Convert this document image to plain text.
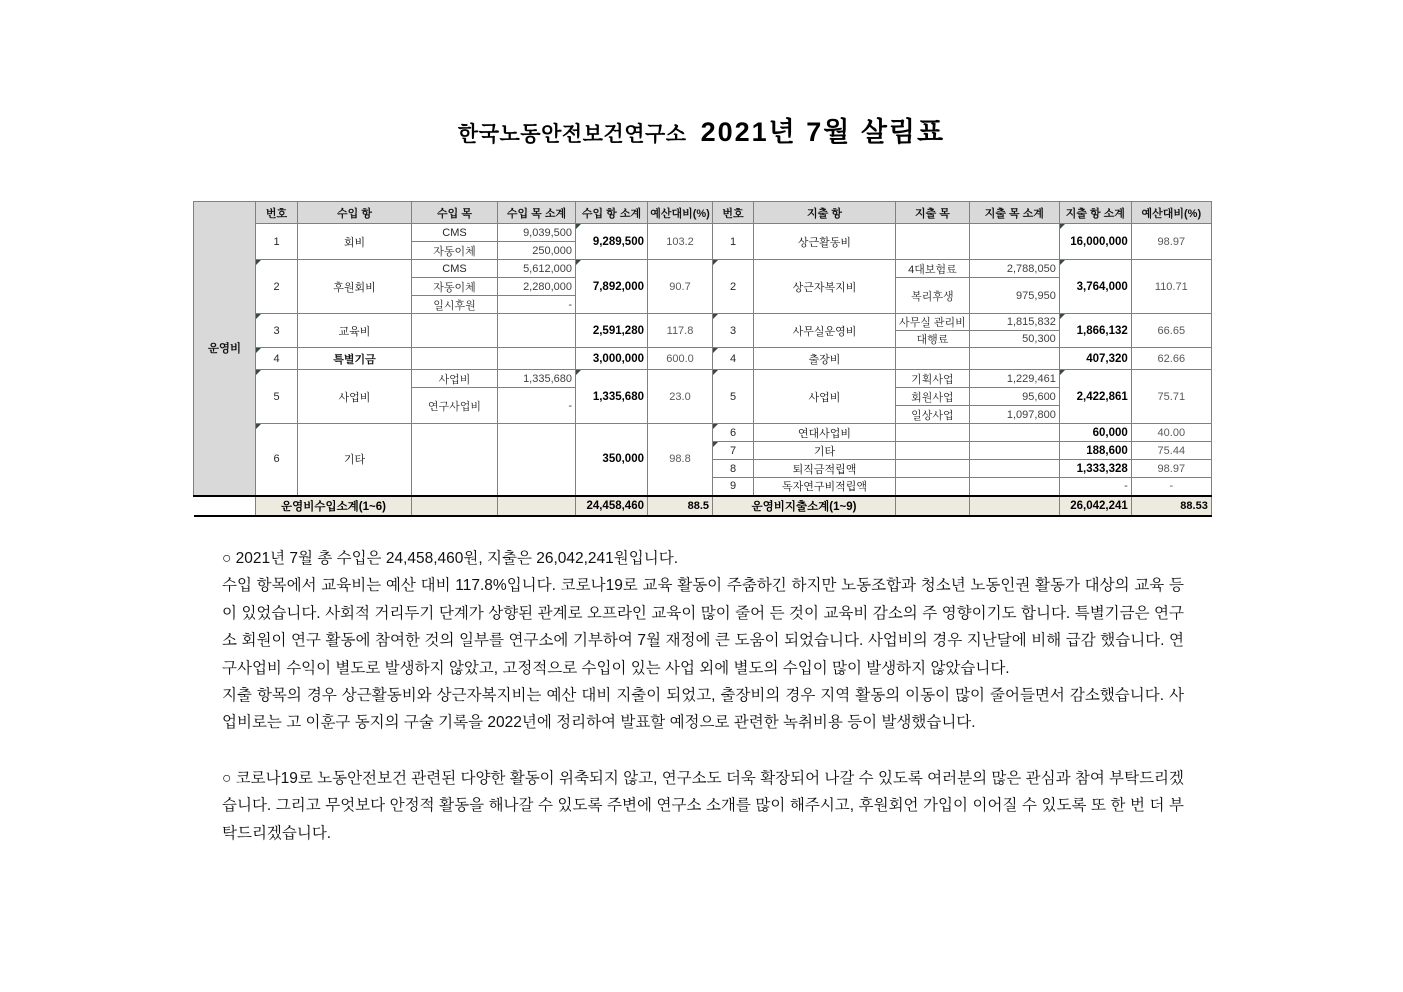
한국노동안전보건연구소 2021년 7월 살림표
운영비	번호	수입 항	수입 목	수입 목 소계	수입 항 소계	예산대비(%)	번호	지출 항	지출 목	지출 목 소계	지출 항 소계	예산대비(%)
	1	회비	CMS	9,039,500	9,289,500	103.2	1	상근활동비			16,000,000	98.97
			자동이체	250,000								
	2	후원회비	CMS	5,612,000	7,892,000	90.7	2	상근자복지비	4대보험료	2,788,050	3,764,000	110.71
			자동이체	2,280,000					복리후생	975,950		
			일시후원	-								
	3	교육비			2,591,280	117.8	3	사무실운영비	사무실 관리비	1,815,832	1,866,132	66.65
									대행료	50,300		
	4	특별기금			3,000,000	600.0	4	출장비			407,320	62.66
	5	사업비	사업비	1,335,680	1,335,680	23.0	5	사업비	기획사업	1,229,461	2,422,861	75.71
			연구사업비	-					회원사업	95,600		
									일상사업	1,097,800		
	6	기타			350,000	98.8	6	연대사업비			60,000	40.00
							7	기타			188,600	75.44
							8	퇴직금적립액			1,333,328	98.97
							9	독자연구비적립액			-	-
	운영비수입소계(1~6)				24,458,460	88.5	운영비지출소계(1~9)				26,042,241	88.53

○ 2021년 7월 총 수입은 24,458,460원, 지출은 26,042,241원입니다.

수입 항목에서 교육비는 예산 대비 117.8%입니다. 코로나19로 교육 활동이 주춤하긴 하지만 노동조합과 청소년 노동인권 활동가 대상의 교육 등이 있었습니다. 사회적 거리두기 단계가 상향된 관계로 오프라인 교육이 많이 줄어 든 것이 교육비 감소의 주 영향이기도 합니다. 특별기금은 연구소 회원이 연구 활동에 참여한 것의 일부를 연구소에 기부하여 7월 재정에 큰 도움이 되었습니다. 사업비의 경우 지난달에 비해 급감 했습니다. 연구사업비 수익이 별도로 발생하지 않았고, 고정적으로 수입이 있는 사업 외에 별도의 수입이 많이 발생하지 않았습니다.

지출 항목의 경우 상근활동비와 상근자복지비는 예산 대비 지출이 되었고, 출장비의 경우 지역 활동의 이동이 많이 줄어들면서 감소했습니다. 사업비로는 고 이훈구 동지의 구술 기록을 2022년에 정리하여 발표할 예정으로 관련한 녹취비용 등이 발생했습니다.

○ 코로나19로 노동안전보건 관련된 다양한 활동이 위축되지 않고, 연구소도 더욱 확장되어 나갈 수 있도록 여러분의 많은 관심과 참여 부탁드리겠습니다. 그리고 무엇보다 안정적 활동을 해나갈 수 있도록 주변에 연구소 소개를 많이 해주시고, 후원회언 가입이 이어질 수 있도록 또 한 번 더 부탁드리겠습니다.
